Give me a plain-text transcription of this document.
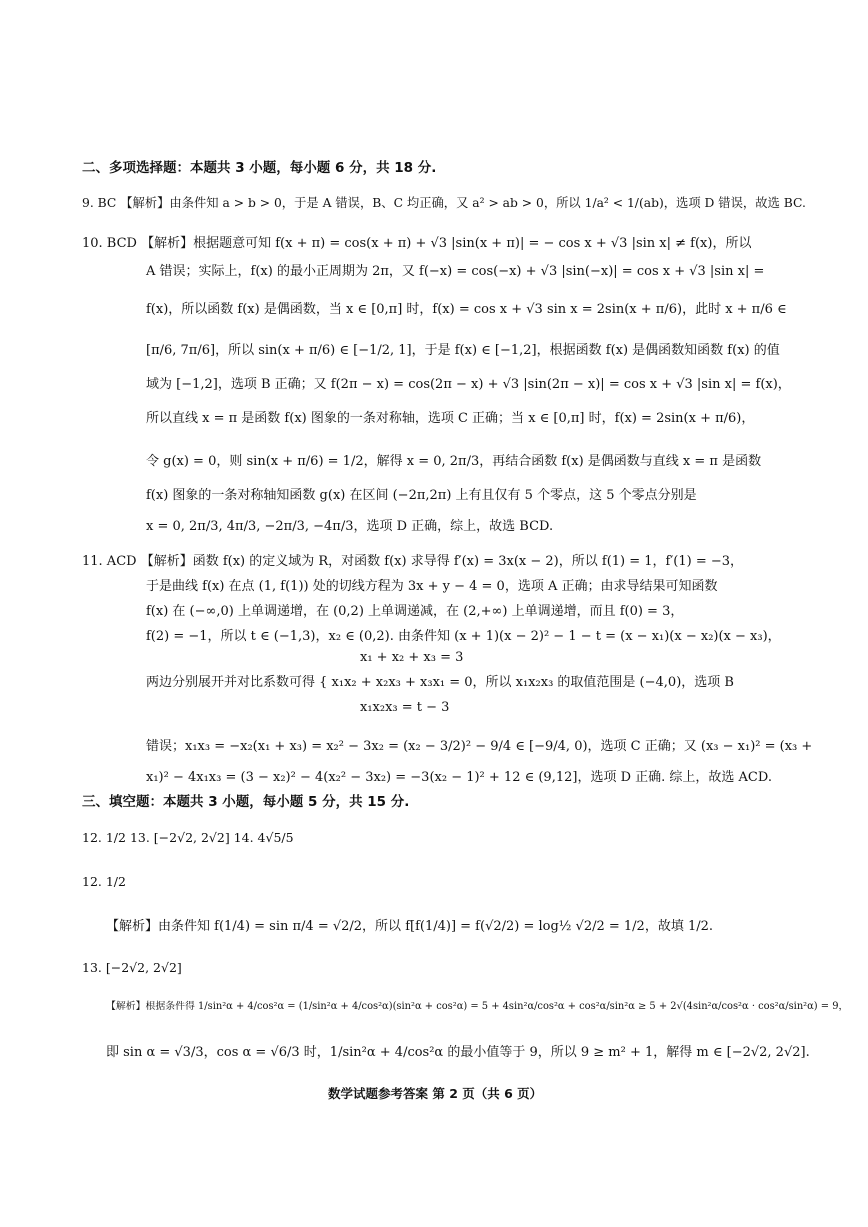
二、多项选择题：本题共 3 小题，每小题 6 分，共 18 分.
9. BC 【解析】由条件知 a > b > 0，于是 A 错误，B、C 均正确，又 a² > ab > 0，所以 1/a² < 1/(ab)，选项 D 错误，故选 BC.
10. BCD 【解析】根据题意可知 f(x + π) = cos(x + π) + √3 |sin(x + π)| = − cos x + √3 |sin x| ≠ f(x)，所以
A 错误；实际上，f(x) 的最小正周期为 2π，又 f(−x) = cos(−x) + √3 |sin(−x)| = cos x + √3 |sin x| =
f(x)，所以函数 f(x) 是偶函数，当 x ∈ [0,π] 时，f(x) = cos x + √3 sin x = 2sin(x + π/6)，此时 x + π/6 ∈
[π/6, 7π/6]，所以 sin(x + π/6) ∈ [−1/2, 1]，于是 f(x) ∈ [−1,2]，根据函数 f(x) 是偶函数知函数 f(x) 的值
域为 [−1,2]，选项 B 正确；又 f(2π − x) = cos(2π − x) + √3 |sin(2π − x)| = cos x + √3 |sin x| = f(x)，
所以直线 x = π 是函数 f(x) 图象的一条对称轴，选项 C 正确；当 x ∈ [0,π] 时，f(x) = 2sin(x + π/6)，
令 g(x) = 0，则 sin(x + π/6) = 1/2，解得 x = 0, 2π/3，再结合函数 f(x) 是偶函数与直线 x = π 是函数
f(x) 图象的一条对称轴知函数 g(x) 在区间 (−2π,2π) 上有且仅有 5 个零点，这 5 个零点分别是
x = 0, 2π/3, 4π/3, −2π/3, −4π/3，选项 D 正确，综上，故选 BCD.
11. ACD 【解析】函数 f(x) 的定义域为 R，对函数 f(x) 求导得 f′(x) = 3x(x − 2)，所以 f(1) = 1，f′(1) = −3，
于是曲线 f(x) 在点 (1, f(1)) 处的切线方程为 3x + y − 4 = 0，选项 A 正确；由求导结果可知函数
f(x) 在 (−∞,0) 上单调递增，在 (0,2) 上单调递减，在 (2,+∞) 上单调递增，而且 f(0) = 3，
f(2) = −1，所以 t ∈ (−1,3)，x₂ ∈ (0,2). 由条件知 (x + 1)(x − 2)² − 1 − t = (x − x₁)(x − x₂)(x − x₃)，
x₁ + x₂ + x₃ = 3
两边分别展开并对比系数可得 { x₁x₂ + x₂x₃ + x₃x₁ = 0，所以 x₁x₂x₃ 的取值范围是 (−4,0)，选项 B
x₁x₂x₃ = t − 3
错误；x₁x₃ = −x₂(x₁ + x₃) = x₂² − 3x₂ = (x₂ − 3/2)² − 9/4 ∈ [−9/4, 0)，选项 C 正确；又 (x₃ − x₁)² = (x₃ +
x₁)² − 4x₁x₃ = (3 − x₂)² − 4(x₂² − 3x₂) = −3(x₂ − 1)² + 12 ∈ (9,12]，选项 D 正确. 综上，故选 ACD.
三、填空题：本题共 3 小题，每小题 5 分，共 15 分.
12. 1/2 13. [−2√2, 2√2] 14. 4√5/5
12. 1/2
【解析】由条件知 f(1/4) = sin π/4 = √2/2，所以 f[f(1/4)] = f(√2/2) = log½ √2/2 = 1/2，故填 1/2.
13. [−2√2, 2√2]
【解析】根据条件得 1/sin²α + 4/cos²α = (1/sin²α + 4/cos²α)(sin²α + cos²α) = 5 + 4sin²α/cos²α + cos²α/sin²α ≥ 5 + 2√(4sin²α/cos²α · cos²α/sin²α) = 9，
即 sin α = √3/3，cos α = √6/3 时，1/sin²α + 4/cos²α 的最小值等于 9，所以 9 ≥ m² + 1，解得 m ∈ [−2√2, 2√2].
数学试题参考答案 第 2 页（共 6 页）
